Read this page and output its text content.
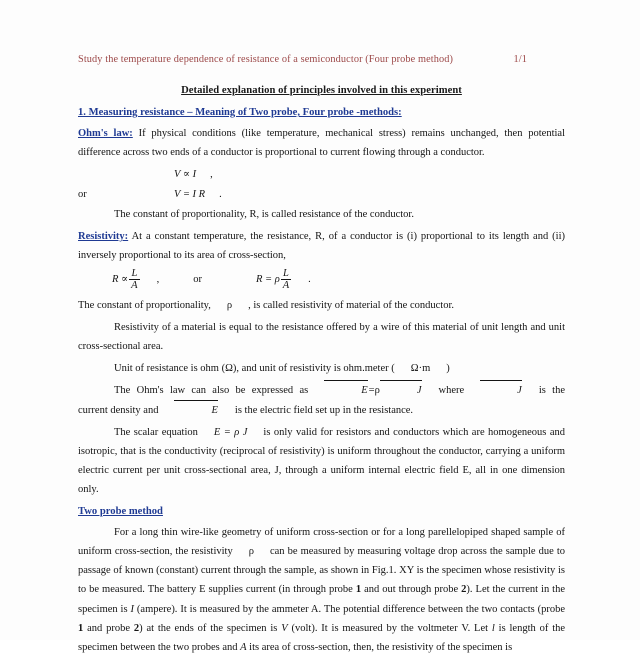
Study the temperature dependence of resistance of a semiconductor (Four probe method)	1/1
Detailed explanation of principles involved in this experiment
1. Measuring resistance – Meaning of Two probe, Four probe -methods:

Ohm's law: If physical conditions (like temperature, mechanical stress) remains unchanged, then potential difference across two ends of a conductor is proportional to current flowing through a conductor.

V ∝ I	,
or	V = I R	.

The constant of proportionality, R, is called resistance of the conductor.

Resistivity: At a constant temperature, the resistance, R, of a conductor is (i) proportional to its length and (ii) inversely proportional to its area of cross-section,

$R \propto \frac{L}{A}$ ,	or	R = ρ $\frac{L}{A}$ .

The constant of proportionality, ρ , is called resistivity of material of the conductor.

Resistivity of a material is equal to the resistance offered by a wire of this material of unit length and unit cross-sectional area.

Unit of resistance is ohm (Ω), and unit of resistivity is ohm.meter ( Ω·m )

The Ohm's law can also be expressed as	E=ρ	J where	J is the current density and	E is the electric field set up in the resistance.

The scalar equation E = ρ J is only valid for resistors and conductors which are homogeneous and isotropic, that is the conductivity (reciprocal of resistivity) is uniform throughout the conductor, carrying a uniform electric current per unit cross-sectional area, J, through a uniform internal electric field E, all in one dimension only.

Two probe method

For a long thin wire-like geometry of uniform cross-section or for a long parellelopiped shaped sample of uniform cross-section, the resistivity ρ can be measured by measuring voltage drop across the sample due to passage of known (constant) current through the sample, as shown in Fig.1. XY is the specimen whose resistivity is to be measured. The battery E supplies current (in through probe 1 and out through probe 2). Let the current in the specimen is I (ampere). It is measured by the ammeter A. The potential difference between the two contacts (probe 1 and probe 2) at the ends of the specimen is V (volt). It is measured by the voltmeter V. Let l is length of the specimen between the two probes and A its area of cross-section, then, the resistivity of the specimen is
